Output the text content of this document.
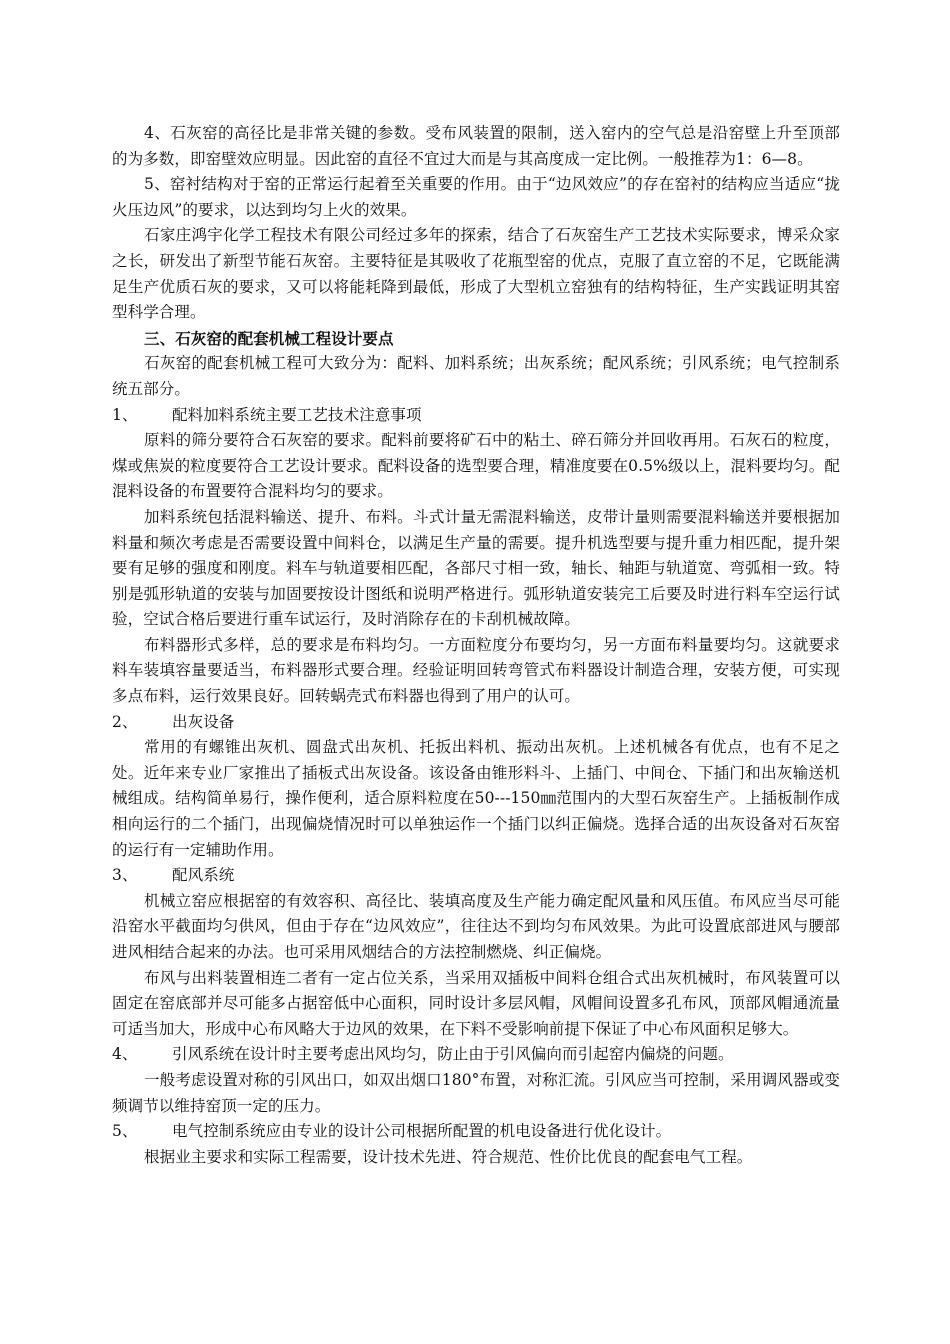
4、石灰窑的高径比是非常关键的参数。受布风装置的限制，送入窑内的空气总是沿窑壁上升至顶部的为多数，即窑壁效应明显。因此窑的直径不宜过大而是与其高度成一定比例。一般推荐为1：6—8。

5、窑衬结构对于窑的正常运行起着至关重要的作用。由于“边风效应”的存在窑衬的结构应当适应“拢火压边风”的要求，以达到均匀上火的效果。

石家庄鸿宇化学工程技术有限公司经过多年的探索，结合了石灰窑生产工艺技术实际要求，博采众家之长，研发出了新型节能石灰窑。主要特征是其吸收了花瓶型窑的优点，克服了直立窑的不足，它既能满足生产优质石灰的要求，又可以将能耗降到最低，形成了大型机立窑独有的结构特征，生产实践证明其窑型科学合理。

三、石灰窑的配套机械工程设计要点

石灰窑的配套机械工程可大致分为：配料、加料系统；出灰系统；配风系统；引风系统；电气控制系统五部分。

1、	配料加料系统主要工艺技术注意事项

原料的筛分要符合石灰窑的要求。配料前要将矿石中的粘土、碎石筛分并回收再用。石灰石的粒度，煤或焦炭的粒度要符合工艺设计要求。配料设备的选型要合理，精准度要在0.5%级以上，混料要均匀。配混料设备的布置要符合混料均匀的要求。

加料系统包括混料输送、提升、布料。斗式计量无需混料输送，皮带计量则需要混料输送并要根据加料量和频次考虑是否需要设置中间料仓，以满足生产量的需要。提升机选型要与提升重力相匹配，提升架要有足够的强度和刚度。料车与轨道要相匹配，各部尺寸相一致，轴长、轴距与轨道宽、弯弧相一致。特别是弧形轨道的安装与加固要按设计图纸和说明严格进行。弧形轨道安装完工后要及时进行料车空运行试验，空试合格后要进行重车试运行，及时消除存在的卡刮机械故障。

布料器形式多样，总的要求是布料均匀。一方面粒度分布要均匀，另一方面布料量要均匀。这就要求料车装填容量要适当，布料器形式要合理。经验证明回转弯管式布料器设计制造合理，安装方便，可实现多点布料，运行效果良好。回转蜗壳式布料器也得到了用户的认可。

2、	出灰设备

常用的有螺锥出灰机、圆盘式出灰机、托扳出料机、振动出灰机。上述机械各有优点，也有不足之处。近年来专业厂家推出了插板式出灰设备。该设备由锥形料斗、上插门、中间仓、下插门和出灰输送机械组成。结构简单易行，操作便利，适合原料粒度在50---150㎜范围内的大型石灰窑生产。上插板制作成相向运行的二个插门，出现偏烧情况时可以单独运作一个插门以纠正偏烧。选择合适的出灰设备对石灰窑的运行有一定辅助作用。

3、	配风系统

机械立窑应根据窑的有效容积、高径比、装填高度及生产能力确定配风量和风压值。布风应当尽可能沿窑水平截面均匀供风，但由于存在“边风效应”，往往达不到均匀布风效果。为此可设置底部进风与腰部进风相结合起来的办法。也可采用风烟结合的方法控制燃烧、纠正偏烧。

布风与出料装置相连二者有一定占位关系，当采用双插板中间料仓组合式出灰机械时，布风装置可以固定在窑底部并尽可能多占据窑低中心面积，同时设计多层风帽，风帽间设置多孔布风，顶部风帽通流量可适当加大，形成中心布风略大于边风的效果，在下料不受影响前提下保证了中心布风面积足够大。

4、	引风系统在设计时主要考虑出风均匀，防止由于引风偏向而引起窑内偏烧的问题。

一般考虑设置对称的引风出口，如双出烟口180°布置，对称汇流。引风应当可控制，采用调风器或变频调节以维持窑顶一定的压力。

5、	电气控制系统应由专业的设计公司根据所配置的机电设备进行优化设计。

根据业主要求和实际工程需要，设计技术先进、符合规范、性价比优良的配套电气工程。
